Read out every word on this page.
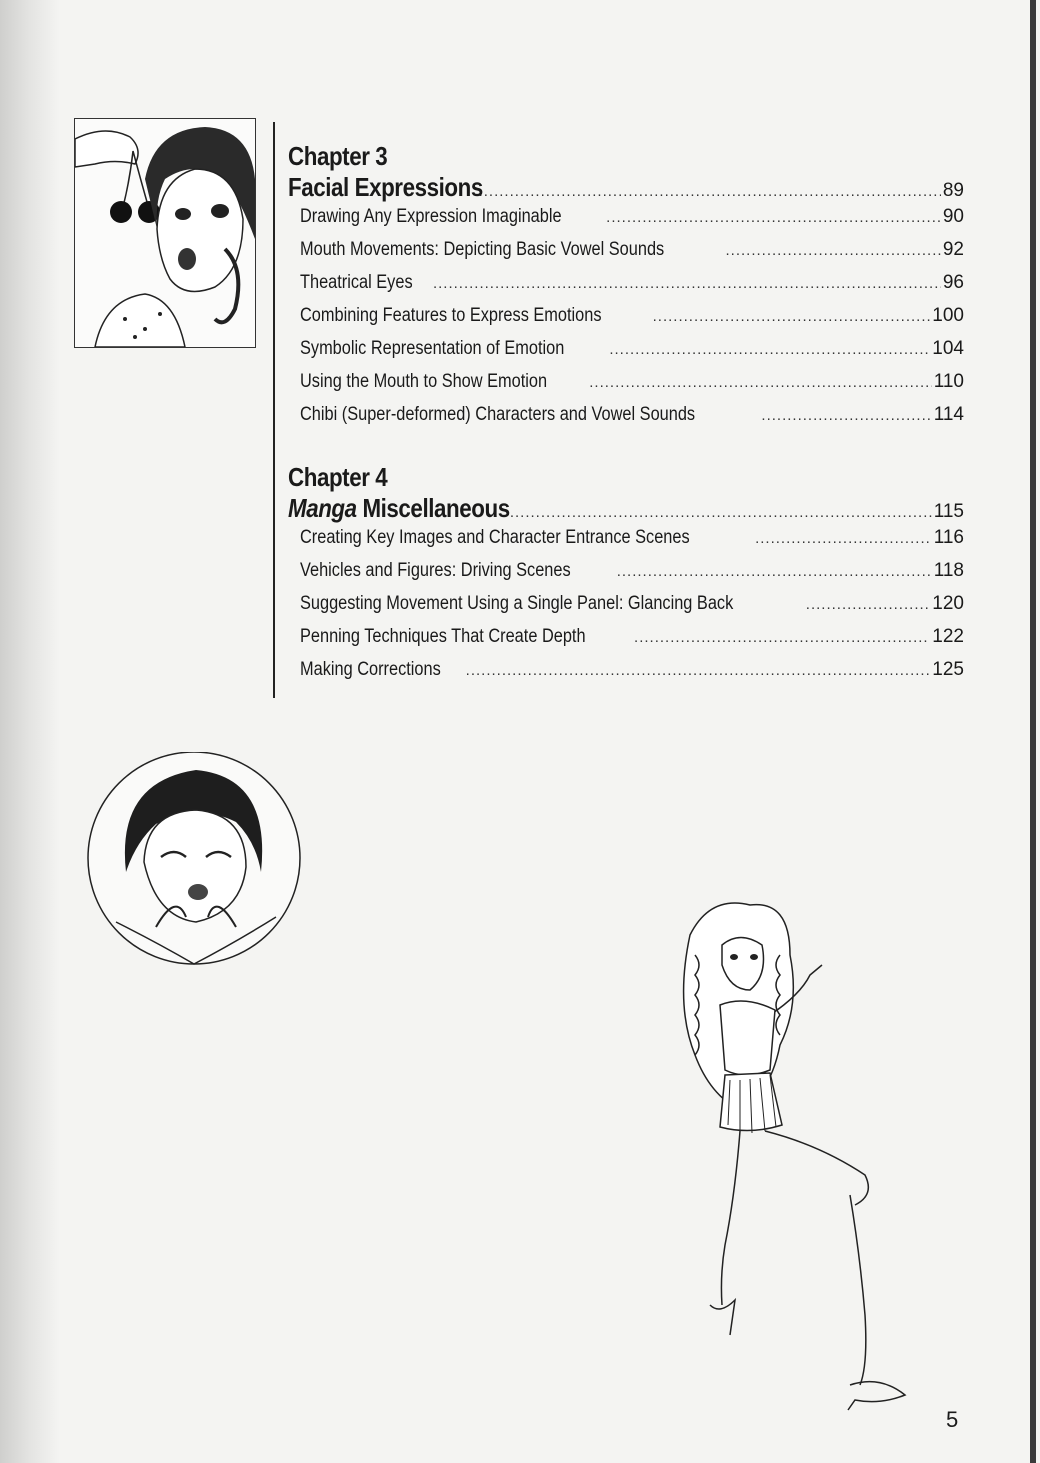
Chapter 3
Facial Expressions .....	89
Drawing Any Expression Imaginable .....	90
Mouth Movements: Depicting Basic Vowel Sounds .....	92
Theatrical Eyes .....	96
Combining Features to Express Emotions .....	100
Symbolic Representation of Emotion .....	104
Using the Mouth to Show Emotion .....	110
Chibi (Super-deformed) Characters and Vowel Sounds .....	114
Chapter 4
Manga Miscellaneous .....	115
Creating Key Images and Character Entrance Scenes .....	116
Vehicles and Figures: Driving Scenes .....	118
Suggesting Movement Using a Single Panel: Glancing Back .....	120
Penning Techniques That Create Depth .....	122
Making Corrections .....	125
5
